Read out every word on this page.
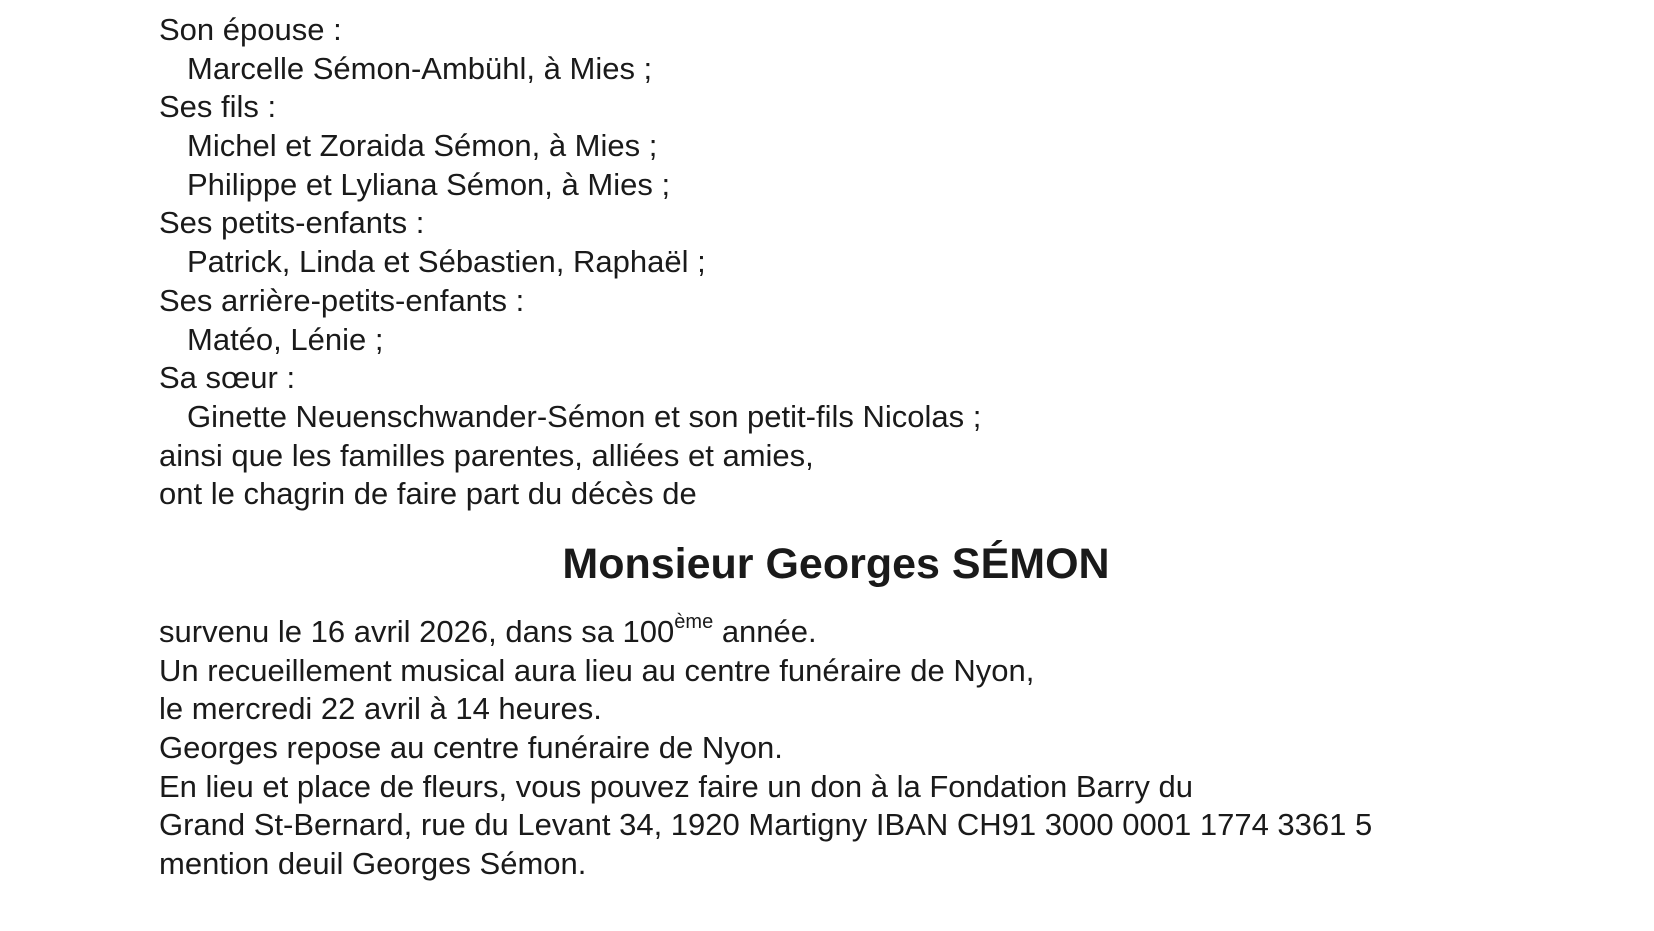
Son épouse :
Marcelle Sémon-Ambühl, à Mies ;
Ses fils :
Michel et Zoraida Sémon, à Mies ;
Philippe et Lyliana Sémon, à Mies ;
Ses petits-enfants :
Patrick, Linda et Sébastien, Raphaël ;
Ses arrière-petits-enfants :
Matéo, Lénie ;
Sa sœur :
Ginette Neuenschwander-Sémon et son petit-fils Nicolas ;
ainsi que les familles parentes, alliées et amies,
ont le chagrin de faire part du décès de
Monsieur Georges SÉMON
survenu le 16 avril 2026, dans sa 100ème année.
Un recueillement musical aura lieu au centre funéraire de Nyon,
le mercredi 22 avril à 14 heures.
Georges repose au centre funéraire de Nyon.
En lieu et place de fleurs, vous pouvez faire un don à la Fondation Barry du
Grand St-Bernard, rue du Levant 34, 1920 Martigny IBAN CH91 3000 0001 1774 3361 5
mention deuil Georges Sémon.
